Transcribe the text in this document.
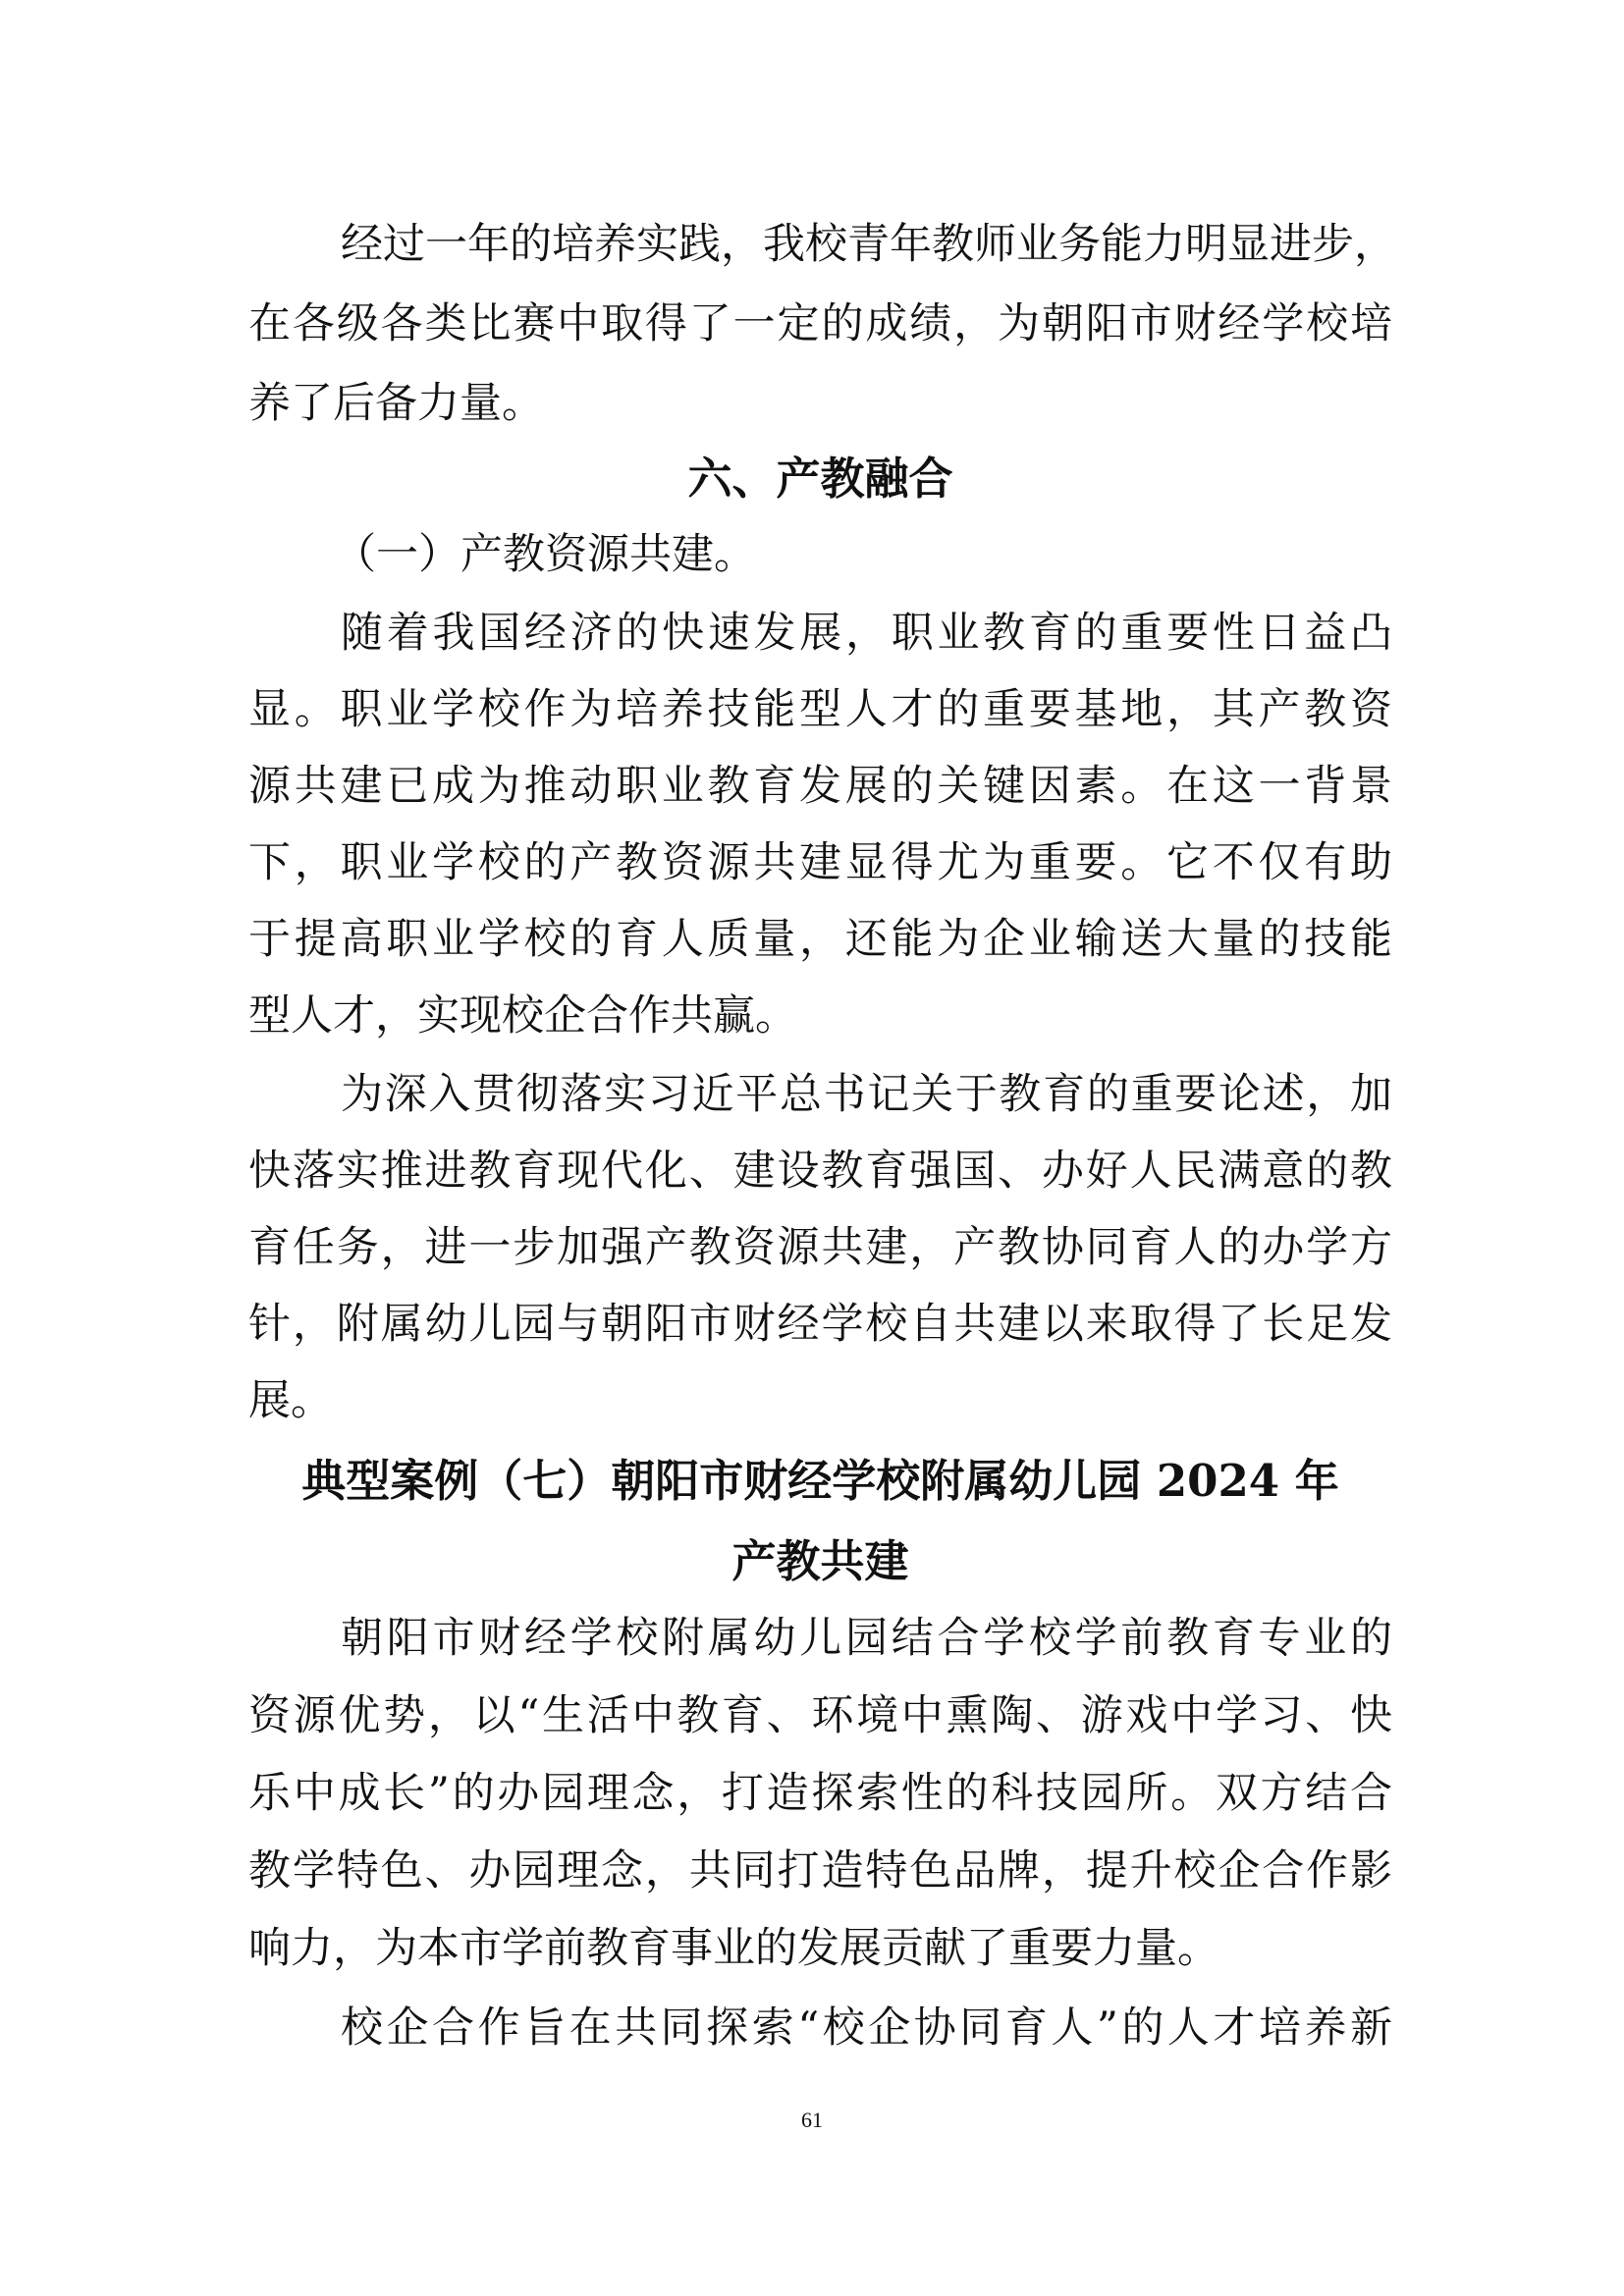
经过一年的培养实践，我校青年教师业务能力明显进步，
在各级各类比赛中取得了一定的成绩，为朝阳市财经学校培
养了后备力量。
六、产教融合
（一）产教资源共建。
随着我国经济的快速发展，职业教育的重要性日益凸
显。职业学校作为培养技能型人才的重要基地，其产教资
源共建已成为推动职业教育发展的关键因素。在这一背景
下，职业学校的产教资源共建显得尤为重要。它不仅有助
于提高职业学校的育人质量，还能为企业输送大量的技能
型人才，实现校企合作共赢。
为深入贯彻落实习近平总书记关于教育的重要论述，加
快落实推进教育现代化、建设教育强国、办好人民满意的教
育任务，进一步加强产教资源共建，产教协同育人的办学方
针，附属幼儿园与朝阳市财经学校自共建以来取得了长足发
展。
典型案例（七）朝阳市财经学校附属幼儿园 2024 年
产教共建
朝阳市财经学校附属幼儿园结合学校学前教育专业的
资源优势，以“生活中教育、环境中熏陶、游戏中学习、快
乐中成长”的办园理念，打造探索性的科技园所。双方结合
教学特色、办园理念，共同打造特色品牌，提升校企合作影
响力，为本市学前教育事业的发展贡献了重要力量。
校企合作旨在共同探索“校企协同育人”的人才培养新
61
